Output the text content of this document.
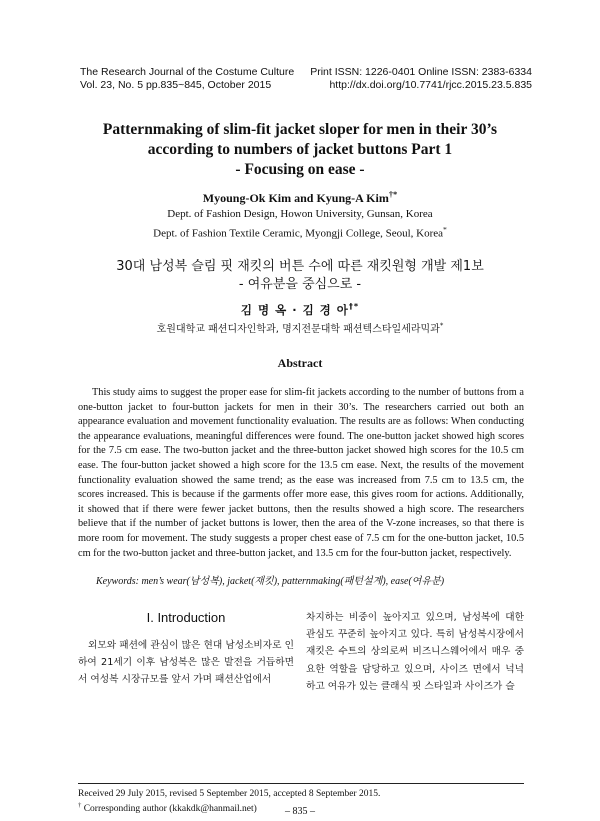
The Research Journal of the Costume Culture
Vol. 23, No. 5 pp.835~845, October 2015
Print ISSN: 1226-0401 Online ISSN: 2383-6334
http://dx.doi.org/10.7741/rjcc.2015.23.5.835
Patternmaking of slim-fit jacket sloper for men in their 30’s
according to numbers of jacket buttons Part 1
- Focusing on ease -
Myoung-Ok Kim and Kyung-A Kim†*
Dept. of Fashion Design, Howon University, Gunsan, Korea
Dept. of Fashion Textile Ceramic, Myongji College, Seoul, Korea*
30대 남성복 슬림 핏 재킷의 버튼 수에 따른 재킷원형 개발 제1보
- 여유분을 중심으로 -
김 명 옥 · 김 경 아†*
호원대학교 패션디자인학과, 명지전문대학 패션텍스타일세라믹과*
Abstract
This study aims to suggest the proper ease for slim-fit jackets according to the number of buttons from a one-button jacket to four-button jackets for men in their 30’s. The researchers carried out both an appearance evaluation and movement functionality evaluation. The results are as follows: When conducting the appearance evaluations, meaningful differences were found. The one-button jacket showed high scores for the 7.5 cm ease. The two-button jacket and the three-button jacket showed high scores for the 10.5 cm ease. The four-button jacket showed a high score for the 13.5 cm ease. Next, the results of the movement functionality evaluation showed the same trend; as the ease was increased from 7.5 cm to 13.5 cm, the scores increased. This is because if the garments offer more ease, this gives room for actions. Additionally, it showed that if there were fewer jacket buttons, then the results showed a high score. The researchers believe that if the number of jacket buttons is lower, then the area of the V-zone increases, so that there is more room for movement. The study suggests a proper chest ease of 7.5 cm for the one-button jacket, 10.5 cm for the two-button jacket and three-button jacket, and 13.5 cm for the four-button jacket, respectively.
Keywords: men’s wear(남성복), jacket(재킷), patternmaking(패턴설계), ease(여유분)
I. Introduction
외모와 패션에 관심이 많은 현대 남성소비자로 인하여 21세기 이후 남성복은 많은 발전을 거듭하면서 여성복 시장규모를 앞서 가며 패션산업에서
차지하는 비중이 높아지고 있으며, 남성복에 대한 관심도 꾸준히 높아지고 있다. 특히 남성복시장에서 재킷은 수트의 상의로써 비즈니스웨어에서 매우 중요한 역할을 담당하고 있으며, 사이즈 면에서 넉넉하고 여유가 있는 클래식 핏 스타일과 사이즈가 슬
Received 29 July 2015, revised 5 September 2015, accepted 8 September 2015.
† Corresponding author (kkakdk@hanmail.net)	– 835 –
